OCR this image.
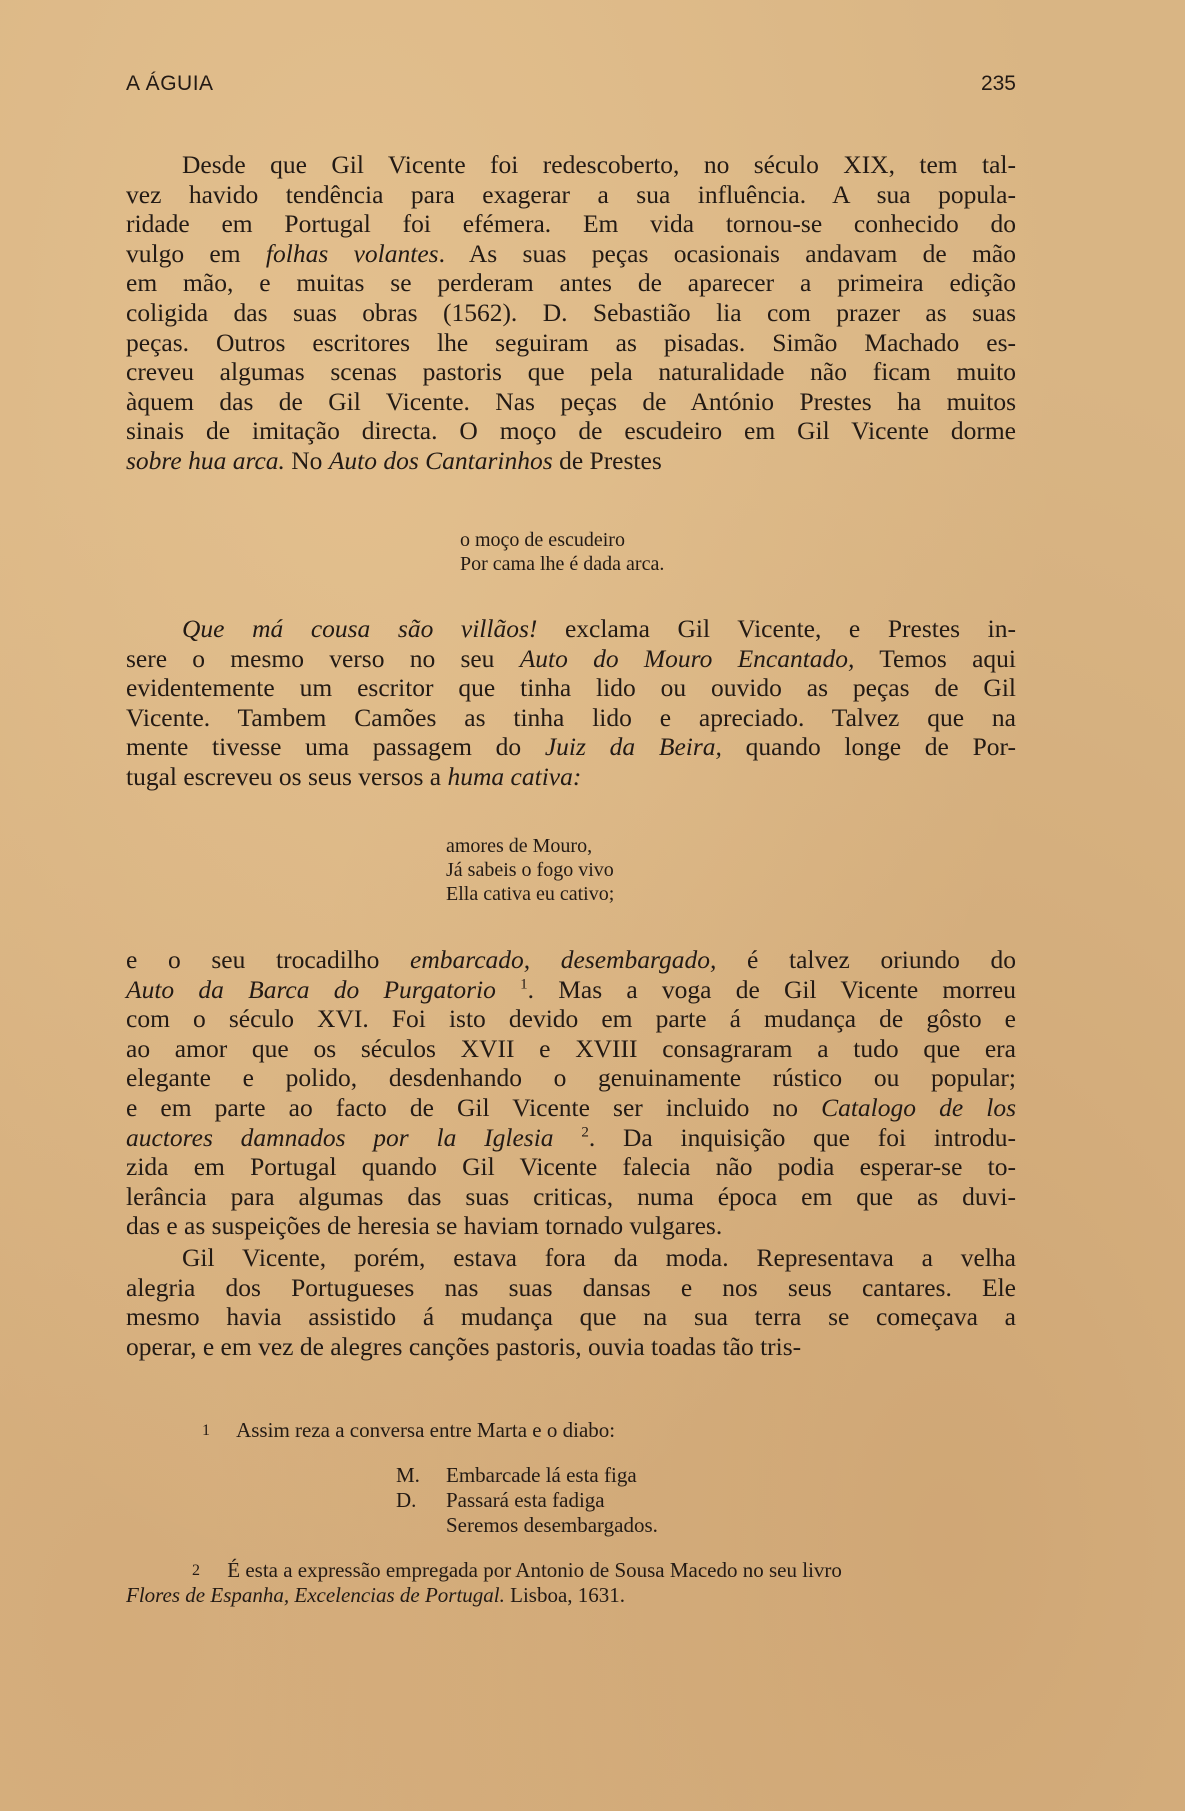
A ÁGUIA	235
Desde que Gil Vicente foi redescoberto, no século XIX, tem tal-
vez havido tendência para exagerar a sua influência. A sua popula-
ridade em Portugal foi efémera. Em vida tornou-se conhecido do
vulgo em folhas volantes. As suas peças ocasionais andavam de mão
em mão, e muitas se perderam antes de aparecer a primeira edição
coligida das suas obras (1562). D. Sebastião lia com prazer as suas
peças. Outros escritores lhe seguiram as pisadas. Simão Machado es-
creveu algumas scenas pastoris que pela naturalidade não ficam muito
àquem das de Gil Vicente. Nas peças de António Prestes ha muitos
sinais de imitação directa. O moço de escudeiro em Gil Vicente dorme
sobre hua arca. No Auto dos Cantarinhos de Prestes
o moço de escudeiro
Por cama lhe é dada arca.
Que má cousa são villãos! exclama Gil Vicente, e Prestes in-
sere o mesmo verso no seu Auto do Mouro Encantado, Temos aqui
evidentemente um escritor que tinha lido ou ouvido as peças de Gil
Vicente. Tambem Camões as tinha lido e apreciado. Talvez que na
mente tivesse uma passagem do Juiz da Beira, quando longe de Por-
tugal escreveu os seus versos a huma cativa:
amores de Mouro,
Já sabeis o fogo vivo
Ella cativa eu cativo;
e o seu trocadilho embarcado, desembargado, é talvez oriundo do
Auto da Barca do Purgatorio $^1$. Mas a voga de Gil Vicente morreu
com o século XVI. Foi isto devido em parte á mudança de gôsto e
ao amor que os séculos XVII e XVIII consagraram a tudo que era
elegante e polido, desdenhando o genuinamente rústico ou popular;
e em parte ao facto de Gil Vicente ser incluido no Catalogo de los
auctores damnados por la Iglesia $^2$. Da inquisição que foi introdu-
zida em Portugal quando Gil Vicente falecia não podia esperar-se to-
lerância para algumas das suas criticas, numa época em que as duvi-
das e as suspeições de heresia se haviam tornado vulgares.
Gil Vicente, porém, estava fora da moda. Representava a velha
alegria dos Portugueses nas suas dansas e nos seus cantares. Ele
mesmo havia assistido á mudança que na sua terra se começava a
operar, e em vez de alegres canções pastoris, ouvia toadas tão tris-
1 Assim reza a conversa entre Marta e o diabo:
M. Embarcade lá esta figa
D. Passará esta fadiga
Seremos desembargados.
2 É esta a expressão empregada por Antonio de Sousa Macedo no seu livro
Flores de Espanha, Excelencias de Portugal. Lisboa, 1631.
